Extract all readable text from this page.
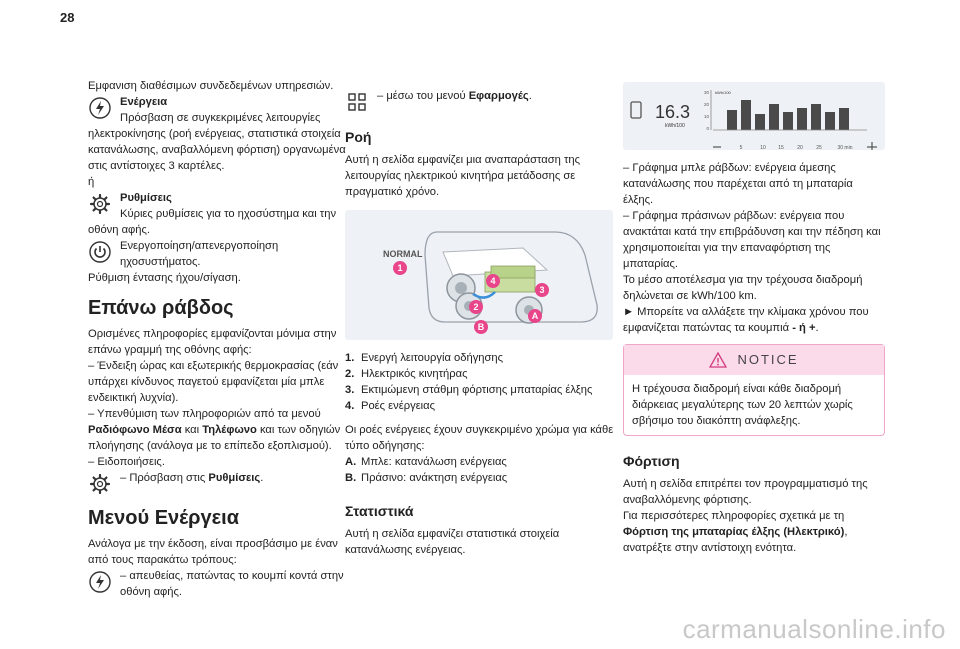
28

Εμφανιση διαθέσιμων συνδεδεμένων υπηρεσιών.

Ενέργεια

Πρόσβαση σε συγκεκριμένες λειτουργίες

ηλεκτροκίνησης (ροή ενέργειας, στατιστικά στοιχεία κατανάλωσης, αναβαλλόμενη φόρτιση) οργανωμένα στις αντίστοιχες 3 καρτέλες.

ή

Ρυθμίσεις

Κύριες ρυθμίσεις για το ηχοσύστημα και την

οθόνη αφής.

Ενεργοποίηση/απενεργοποίηση ηχοσυστήματος.

Ρύθμιση έντασης ήχου/σίγαση.

Επάνω ράβδος

Ορισμένες πληροφορίες εμφανίζονται μόνιμα στην επάνω γραμμή της οθόνης αφής:

– Ένδειξη ώρας και εξωτερικής θερμοκρασίας (εάν υπάρχει κίνδυνος παγετού εμφανίζεται μία μπλε ενδεικτική λυχνία).

– Υπενθύμιση των πληροφοριών από τα μενού Ραδιόφωνο Μέσα και Τηλέφωνο και των οδηγιών πλοήγησης (ανάλογα με το επίπεδο εξοπλισμού).

– Ειδοποιήσεις.

– Πρόσβαση στις Ρυθμίσεις.

Μενού Ενέργεια

Ανάλογα με την έκδοση, είναι προσβάσιμο με έναν από τους παρακάτω τρόπους:

– απευθείας, πατώντας το κουμπί κοντά στην οθόνη αφής.

– μέσω του μενού Εφαρμογές.

Ροή

Αυτή η σελίδα εμφανίζει μια αναπαράσταση της λειτουργίας ηλεκτρικού κινητήρα μετάδοσης σε πραγματικό χρόνο.

NORMAL
1
2
3
4
A
B
1. Ενεργή λειτουργία οδήγησης
2. Ηλεκτρικός κινητήρας
3. Εκτιμώμενη στάθμη φόρτισης μπαταρίας έλξης
4. Ροές ενέργειας

Οι ροές ενέργειες έχουν συγκεκριμένο χρώμα για κάθε τύπο οδήγησης:

A. Μπλε: κατανάλωση ενέργειας
B. Πράσινο: ανάκτηση ενέργειας
Στατιστικά

Αυτή η σελίδα εμφανίζει στατιστικά στοιχεία κατανάλωσης ενέργειας.

16.3
kWh/100
kWh/100
30
20
10
0
5	10 15	20	25	30 min

– Γράφημα μπλε ράβδων: ενέργεια άμεσης κατανάλωσης που παρέχεται από τη μπαταρία έλξης.

– Γράφημα πράσινων ράβδων: ενέργεια που ανακτάται κατά την επιβράδυνση και την πέδηση και χρησιμοποιείται για την επαναφόρτιση της μπαταρίας.

Το μέσο αποτέλεσμα για την τρέχουσα διαδρομή δηλώνεται σε kWh/100 km.

► Μπορείτε να αλλάξετε την κλίμακα χρόνου που εμφανίζεται πατώντας τα κουμπιά - ή +.

NOTICE

Η τρέχουσα διαδρομή είναι κάθε διαδρομή διάρκειας μεγαλύτερης των 20 λεπτών χωρίς σβήσιμο του διακόπτη ανάφλεξης.

Φόρτιση

Αυτή η σελίδα επιτρέπει τον προγραμματισμό της αναβαλλόμενης φόρτισης.

Για περισσότερες πληροφορίες σχετικά με τη Φόρτιση της μπαταρίας έλξης (Ηλεκτρικό), ανατρέξτε στην αντίστοιχη ενότητα.

carmanualsonline.info
